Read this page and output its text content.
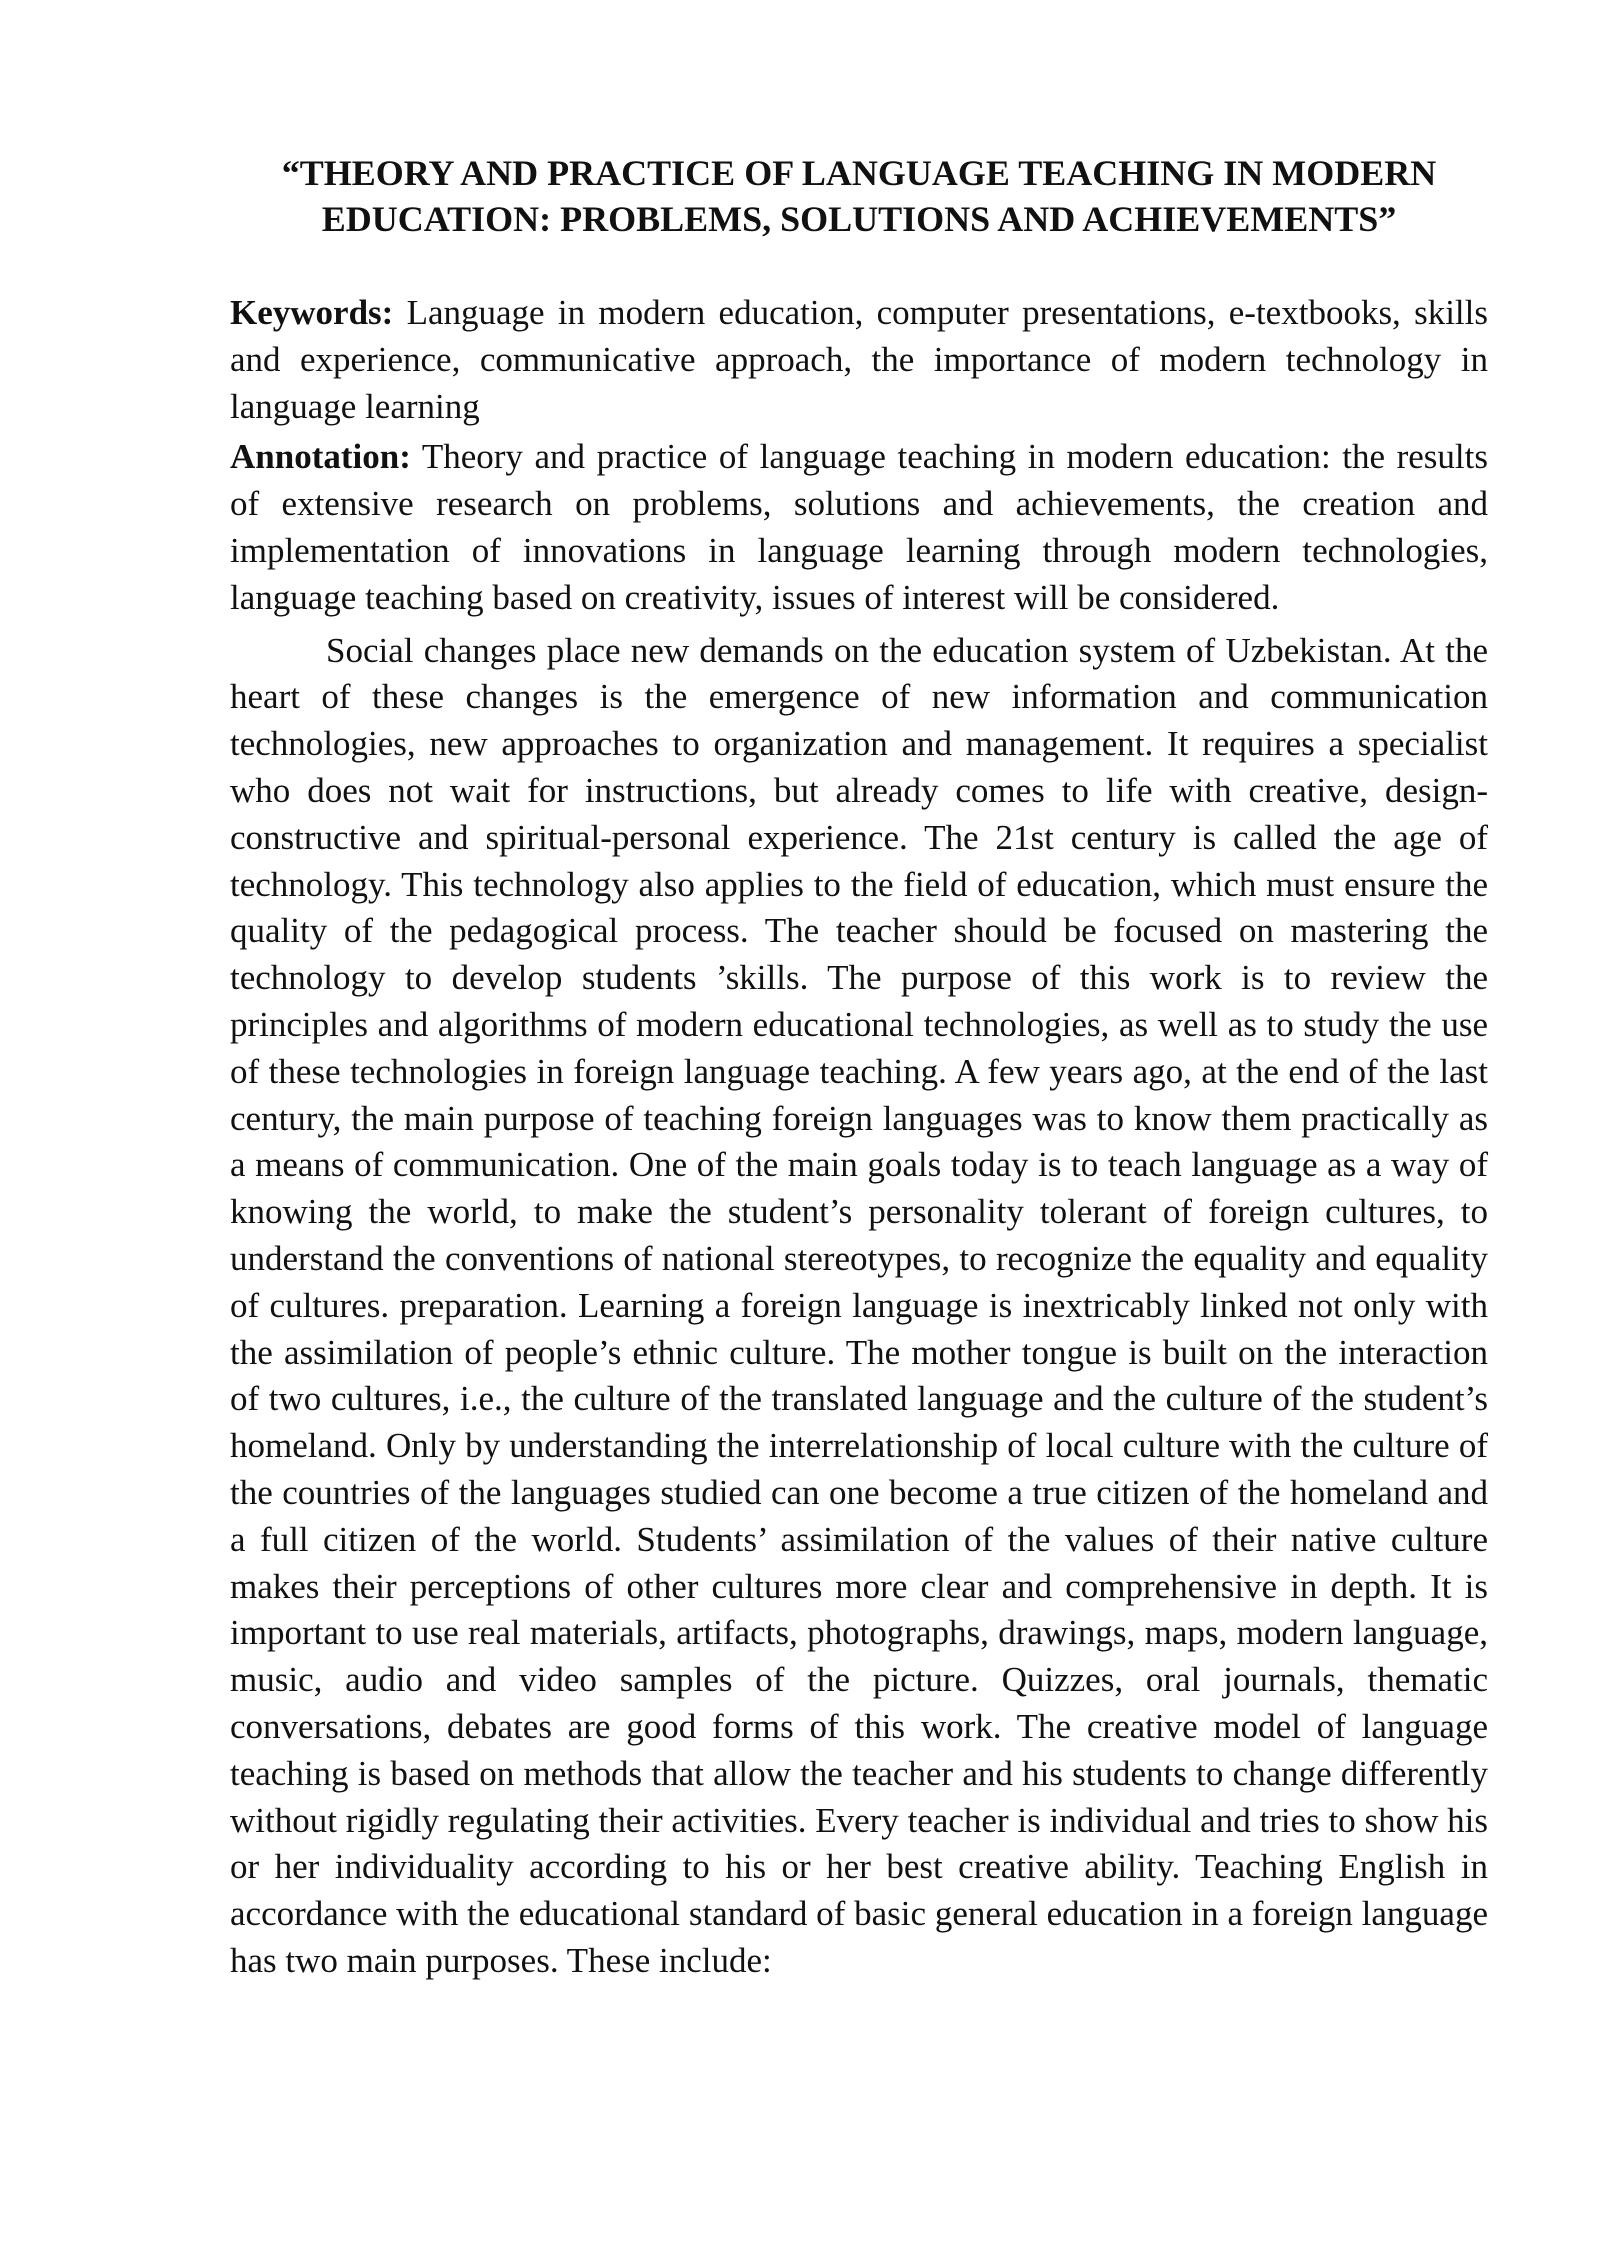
“THEORY AND PRACTICE OF LANGUAGE TEACHING IN MODERN
EDUCATION: PROBLEMS, SOLUTIONS AND ACHIEVEMENTS”

Keywords: Language in modern education, computer presentations, e-textbooks, skills and experience, communicative approach, the importance of modern technology in language learning

Annotation: Theory and practice of language teaching in modern education: the results of extensive research on problems, solutions and achievements, the creation and implementation of innovations in language learning through modern technologies, language teaching based on creativity, issues of interest will be considered.

Social changes place new demands on the education system of Uzbekistan. At the heart of these changes is the emergence of new information and communication technologies, new approaches to organization and management. It requires a specialist who does not wait for instructions, but already comes to life with creative, design-constructive and spiritual-personal experience. The 21st century is called the age of technology. This technology also applies to the field of education, which must ensure the quality of the pedagogical process. The teacher should be focused on mastering the technology to develop students ’skills. The purpose of this work is to review the principles and algorithms of modern educational technologies, as well as to study the use of these technologies in foreign language teaching. A few years ago, at the end of the last century, the main purpose of teaching foreign languages was to know them practically as a means of communication. One of the main goals today is to teach language as a way of knowing the world, to make the student’s personality tolerant of foreign cultures, to understand the conventions of national stereotypes, to recognize the equality and equality of cultures. preparation. Learning a foreign language is inextricably linked not only with the assimilation of people’s ethnic culture. The mother tongue is built on the interaction of two cultures, i.e., the culture of the translated language and the culture of the student’s homeland. Only by understanding the interrelationship of local culture with the culture of the countries of the languages studied can one become a true citizen of the homeland and a full citizen of the world. Students’ assimilation of the values of their native culture makes their perceptions of other cultures more clear and comprehensive in depth. It is important to use real materials, artifacts, photographs, drawings, maps, modern language, music, audio and video samples of the picture. Quizzes, oral journals, thematic conversations, debates are good forms of this work. The creative model of language teaching is based on methods that allow the teacher and his students to change differently without rigidly regulating their activities. Every teacher is individual and tries to show his or her individuality according to his or her best creative ability. Teaching English in accordance with the educational standard of basic general education in a foreign language has two main purposes. These include:
